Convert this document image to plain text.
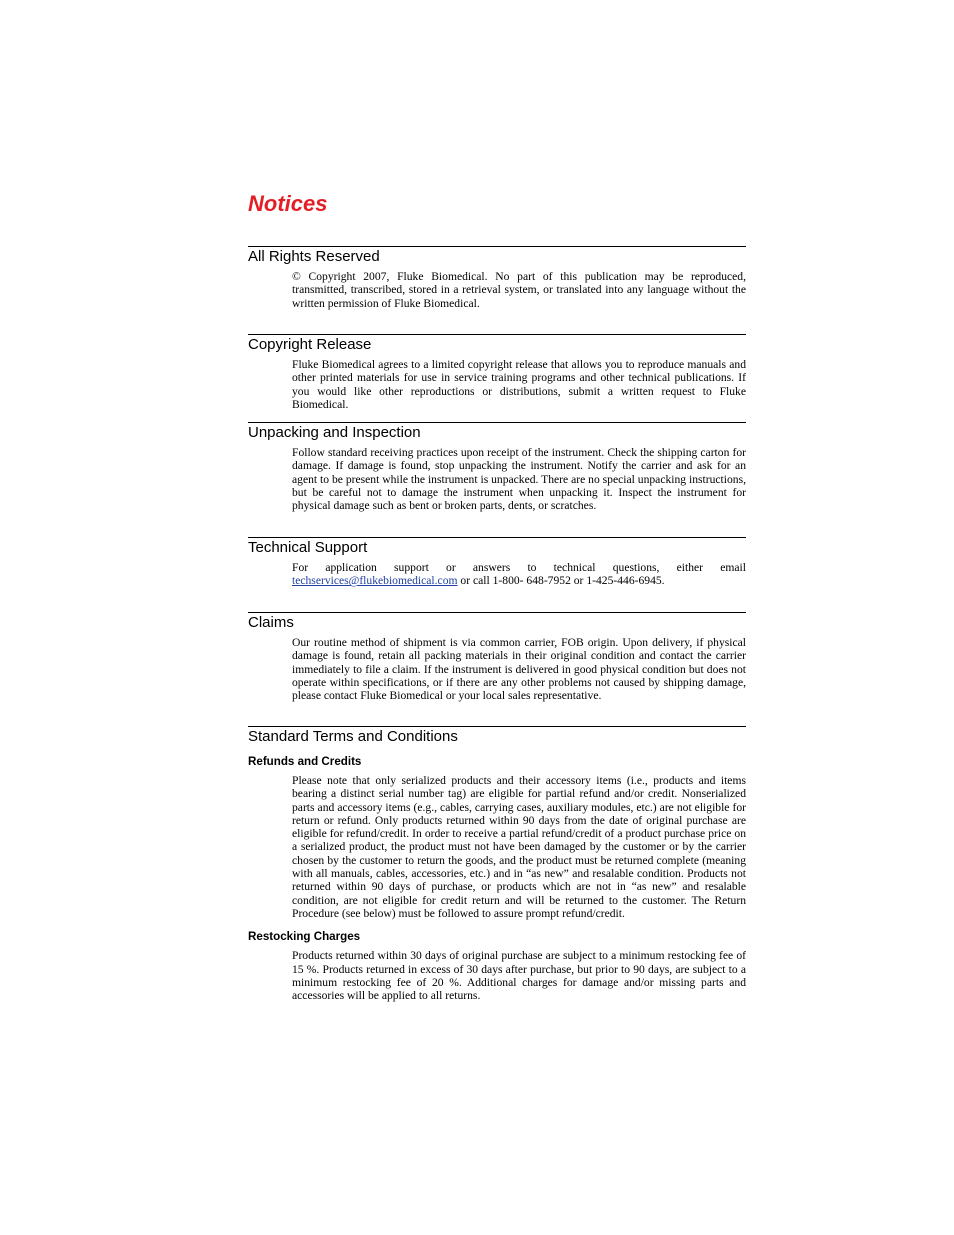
Notices
All Rights Reserved

© Copyright 2007, Fluke Biomedical. No part of this publication may be reproduced, transmitted, transcribed, stored in a retrieval system, or translated into any language without the written permission of Fluke Biomedical.

Copyright Release

Fluke Biomedical agrees to a limited copyright release that allows you to reproduce manuals and other printed materials for use in service training programs and other technical publications. If you would like other reproductions or distributions, submit a written request to Fluke Biomedical.

Unpacking and Inspection

Follow standard receiving practices upon receipt of the instrument. Check the shipping carton for damage. If damage is found, stop unpacking the instrument. Notify the carrier and ask for an agent to be present while the instrument is unpacked. There are no special unpacking instructions, but be careful not to damage the instrument when unpacking it. Inspect the instrument for physical damage such as bent or broken parts, dents, or scratches.

Technical Support

For application support or answers to technical questions, either email techservices@flukebiomedical.com or call 1-800- 648-7952 or 1-425-446-6945.

Claims

Our routine method of shipment is via common carrier, FOB origin. Upon delivery, if physical damage is found, retain all packing materials in their original condition and contact the carrier immediately to file a claim. If the instrument is delivered in good physical condition but does not operate within specifications, or if there are any other problems not caused by shipping damage, please contact Fluke Biomedical or your local sales representative.

Standard Terms and Conditions
Refunds and Credits

Please note that only serialized products and their accessory items (i.e., products and items bearing a distinct serial number tag) are eligible for partial refund and/or credit. Nonserialized parts and accessory items (e.g., cables, carrying cases, auxiliary modules, etc.) are not eligible for return or refund. Only products returned within 90 days from the date of original purchase are eligible for refund/credit. In order to receive a partial refund/credit of a product purchase price on a serialized product, the product must not have been damaged by the customer or by the carrier chosen by the customer to return the goods, and the product must be returned complete (meaning with all manuals, cables, accessories, etc.) and in “as new” and resalable condition. Products not returned within 90 days of purchase, or products which are not in “as new” and resalable condition, are not eligible for credit return and will be returned to the customer. The Return Procedure (see below) must be followed to assure prompt refund/credit.

Restocking Charges

Products returned within 30 days of original purchase are subject to a minimum restocking fee of 15 %. Products returned in excess of 30 days after purchase, but prior to 90 days, are subject to a minimum restocking fee of 20 %. Additional charges for damage and/or missing parts and accessories will be applied to all returns.
